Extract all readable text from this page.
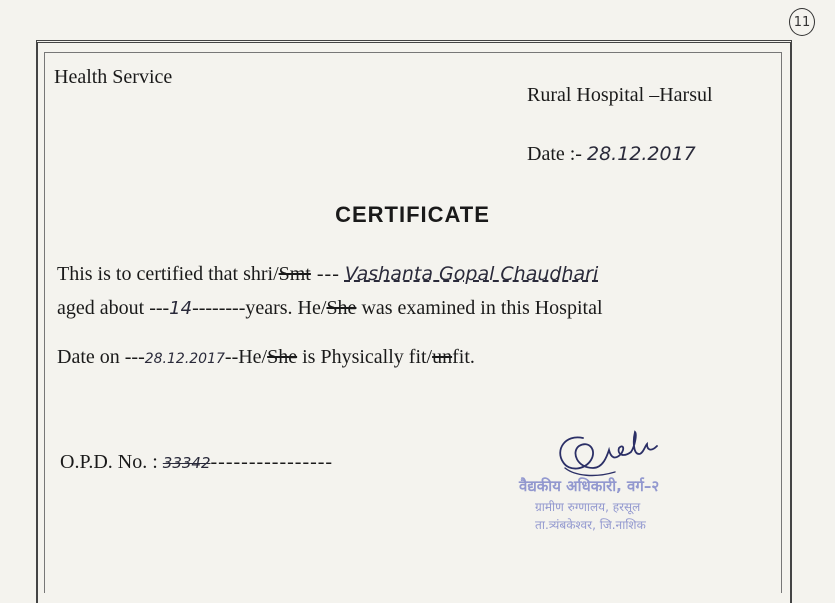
11
Health Service
Rural Hospital –Harsul
Date :- 28.12.2017
CERTIFICATE
This is to certified that shri/Smt --- Vashanta Gopal Chaudhari
aged about ---14--------years. He/She was examined in this Hospital
Date on ---28.12.2017--He/She is Physically fit/unfit.
O.P.D. No. : 33342----------------
वैद्यकीय अधिकारी, वर्ग–२
ग्रामीण रुग्णालय, हरसूल
ता.त्र्यंबकेश्वर, जि.नाशिक
